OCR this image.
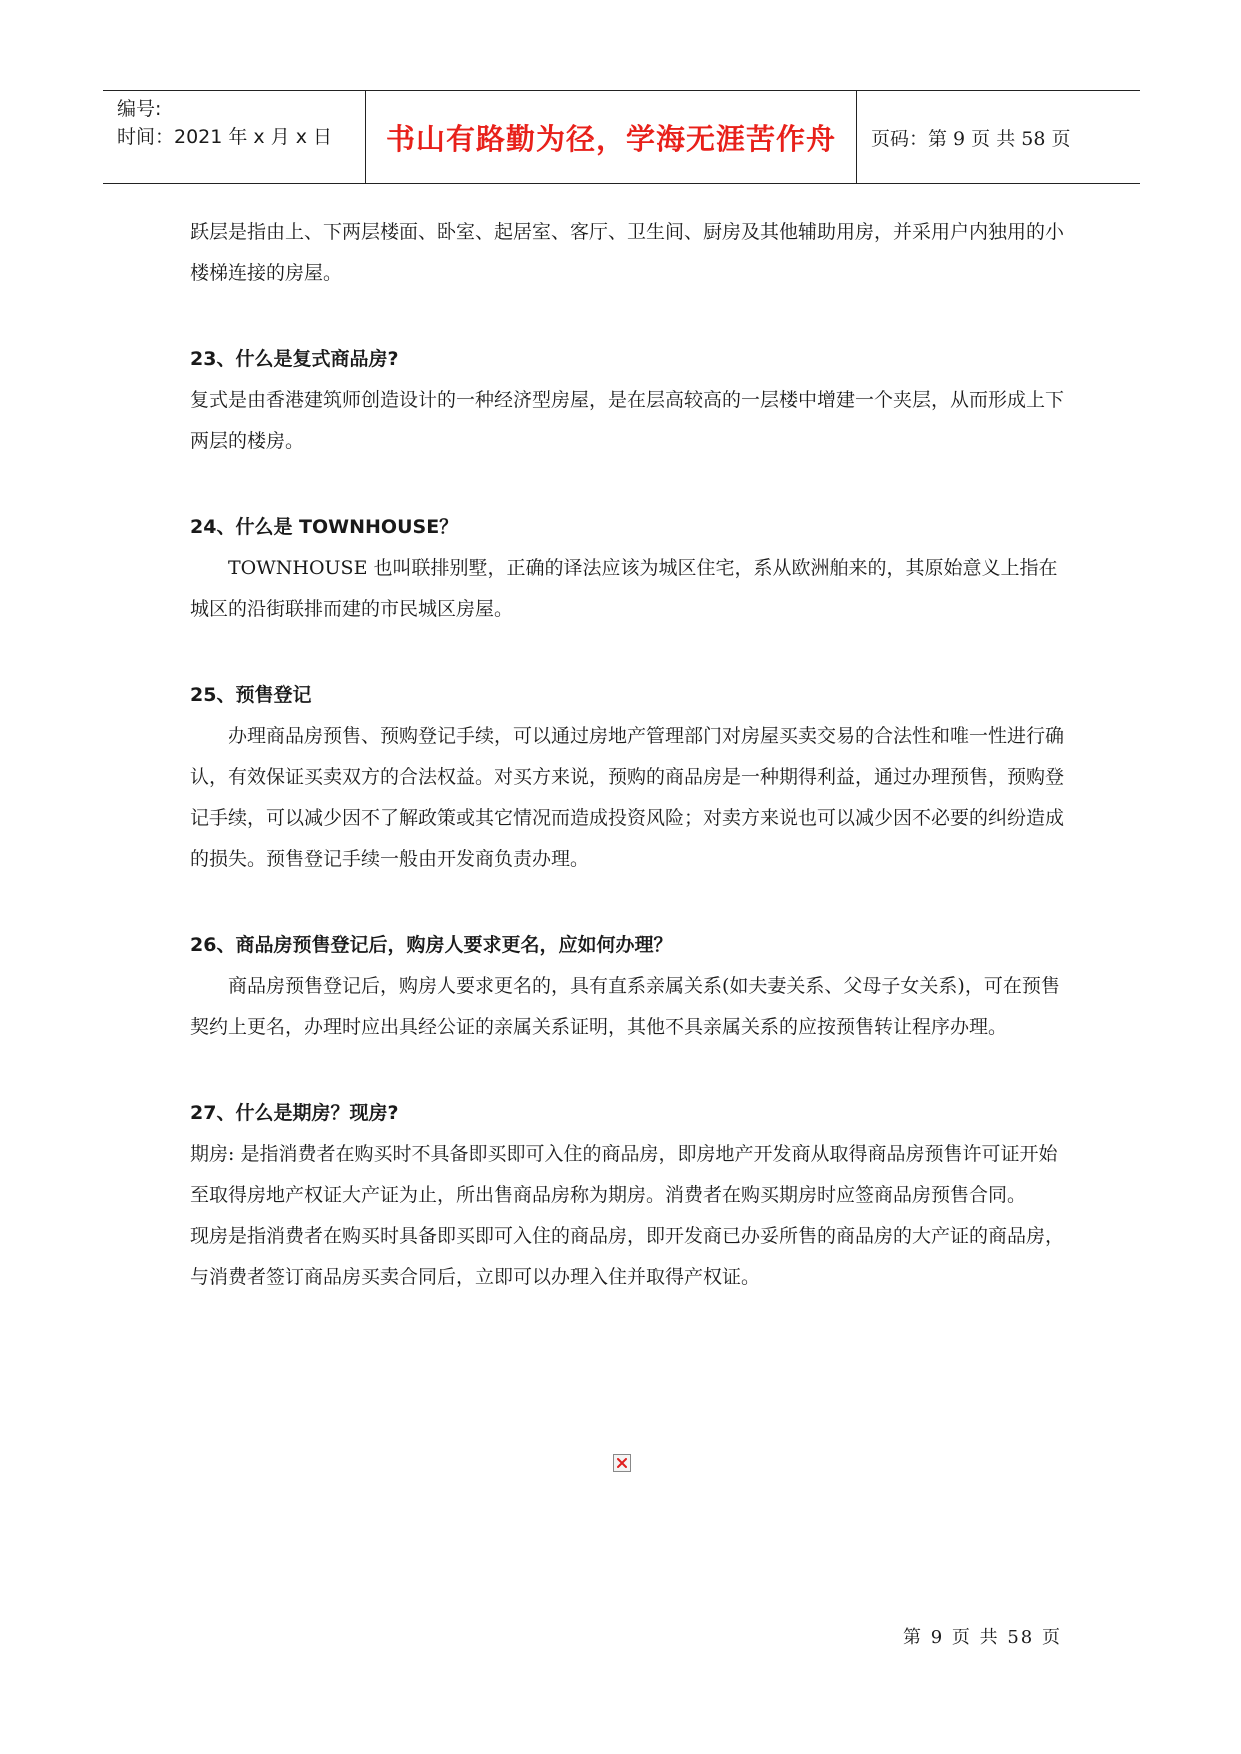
编号:
时间：2021 年 x 月 x 日	书山有路勤为径，学海无涯苦作舟	页码：第 9 页 共 58 页

跃层是指由上、下两层楼面、卧室、起居室、客厅、卫生间、厨房及其他辅助用房，并采用户内独用的小楼梯连接的房屋。

23、什么是复式商品房?

复式是由香港建筑师创造设计的一种经济型房屋，是在层高较高的一层楼中增建一个夹层，从而形成上下两层的楼房。

24、什么是 TOWNHOUSE？

TOWNHOUSE 也叫联排别墅，正确的译法应该为城区住宅，系从欧洲舶来的，其原始意义上指在城区的沿街联排而建的市民城区房屋。

25、预售登记

办理商品房预售、预购登记手续，可以通过房地产管理部门对房屋买卖交易的合法性和唯一性进行确认，有效保证买卖双方的合法权益。对买方来说，预购的商品房是一种期得利益，通过办理预售，预购登记手续，可以减少因不了解政策或其它情况而造成投资风险；对卖方来说也可以减少因不必要的纠纷造成的损失。预售登记手续一般由开发商负责办理。

26、商品房预售登记后，购房人要求更名，应如何办理？

商品房预售登记后，购房人要求更名的，具有直系亲属关系(如夫妻关系、父母子女关系)，可在预售契约上更名，办理时应出具经公证的亲属关系证明，其他不具亲属关系的应按预售转让程序办理。

27、什么是期房？现房?

期房: 是指消费者在购买时不具备即买即可入住的商品房，即房地产开发商从取得商品房预售许可证开始至取得房地产权证大产证为止，所出售商品房称为期房。消费者在购买期房时应签商品房预售合同。

现房是指消费者在购买时具备即买即可入住的商品房，即开发商已办妥所售的商品房的大产证的商品房，与消费者签订商品房买卖合同后，立即可以办理入住并取得产权证。

第 9 页 共 58 页
